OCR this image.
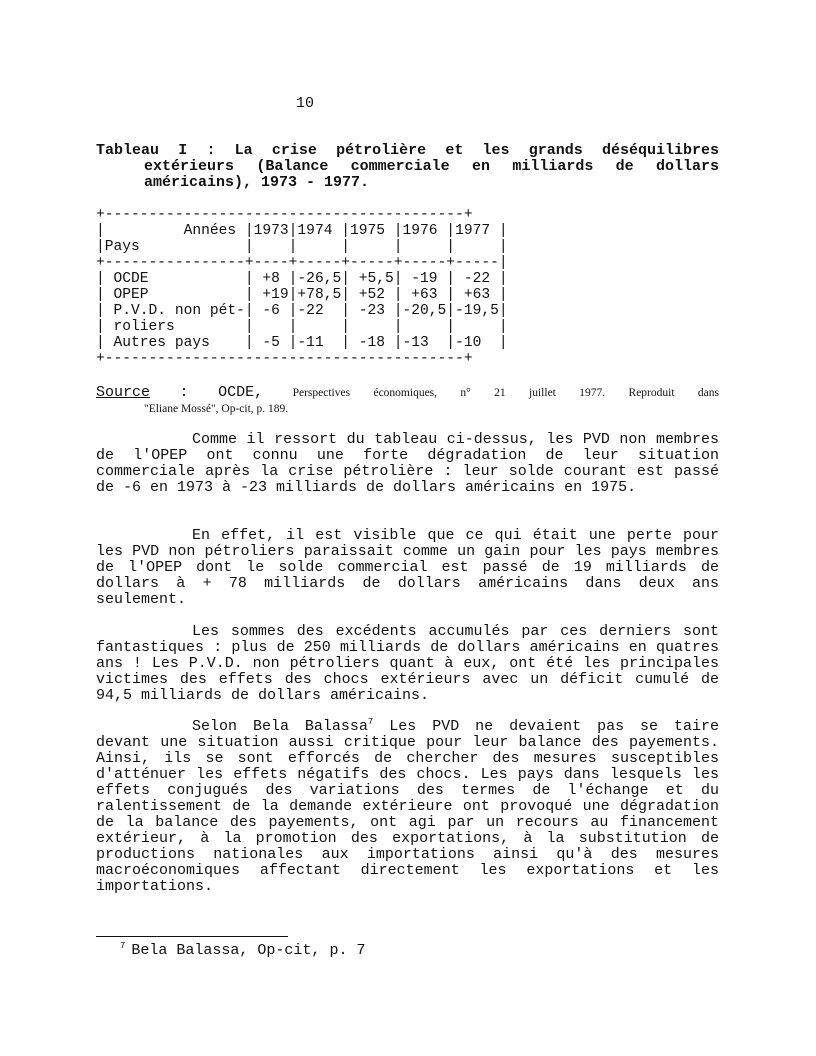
10
Tableau I : La crise pétrolière et les grands déséquilibres
extérieurs (Balance commerciale en milliards de dollars
américains), 1973 - 1977.
+-----------------------------------------+
|         Années |1973|1974 |1975 |1976 |1977 |
|Pays            |    |     |     |     |     |
+----------------+----+-----+-----+-----+-----|
| OCDE           | +8 |-26,5| +5,5| -19 | -22 |
| OPEP           | +19|+78,5| +52 | +63 | +63 |
| P.V.D. non pét-| -6 |-22  | -23 |-20,5|-19,5|
| roliers        |    |     |     |     |     |
| Autres pays    | -5 |-11  | -18 |-13  |-10  |
+-----------------------------------------+
Source : OCDE, Perspectives économiques, n° 21 juillet 1977. Reproduit dans
"Eliane Mossé", Op-cit, p. 189.

Comme il ressort du tableau ci-dessus, les PVD non membres de l'OPEP ont connu une forte dégradation de leur situation commerciale après la crise pétrolière : leur solde courant est passé de -6 en 1973 à -23 milliards de dollars américains en 1975.

En effet, il est visible que ce qui était une perte pour les PVD non pétroliers paraissait comme un gain pour les pays membres de l'OPEP dont le solde commercial est passé de 19 milliards de dollars à + 78 milliards de dollars américains dans deux ans seulement.

Les sommes des excédents accumulés par ces derniers sont fantastiques : plus de 250 milliards de dollars américains en quatres ans ! Les P.V.D. non pétroliers quant à eux, ont été les principales victimes des effets des chocs extérieurs avec un déficit cumulé de 94,5 milliards de dollars américains.

Selon Bela Balassa$^7$ Les PVD ne devaient pas se taire devant une situation aussi critique pour leur balance des payements. Ainsi, ils se sont efforcés de chercher des mesures susceptibles d'atténuer les effets négatifs des chocs. Les pays dans lesquels les effets conjugués des variations des termes de l'échange et du ralentissement de la demande extérieure ont provoqué une dégradation de la balance des payements, ont agi par un recours au financement extérieur, à la promotion des exportations, à la substitution de productions nationales aux importations ainsi qu'à des mesures macroéconomiques affectant directement les exportations et les importations.

$^7$ Bela Balassa, Op-cit, p. 7
